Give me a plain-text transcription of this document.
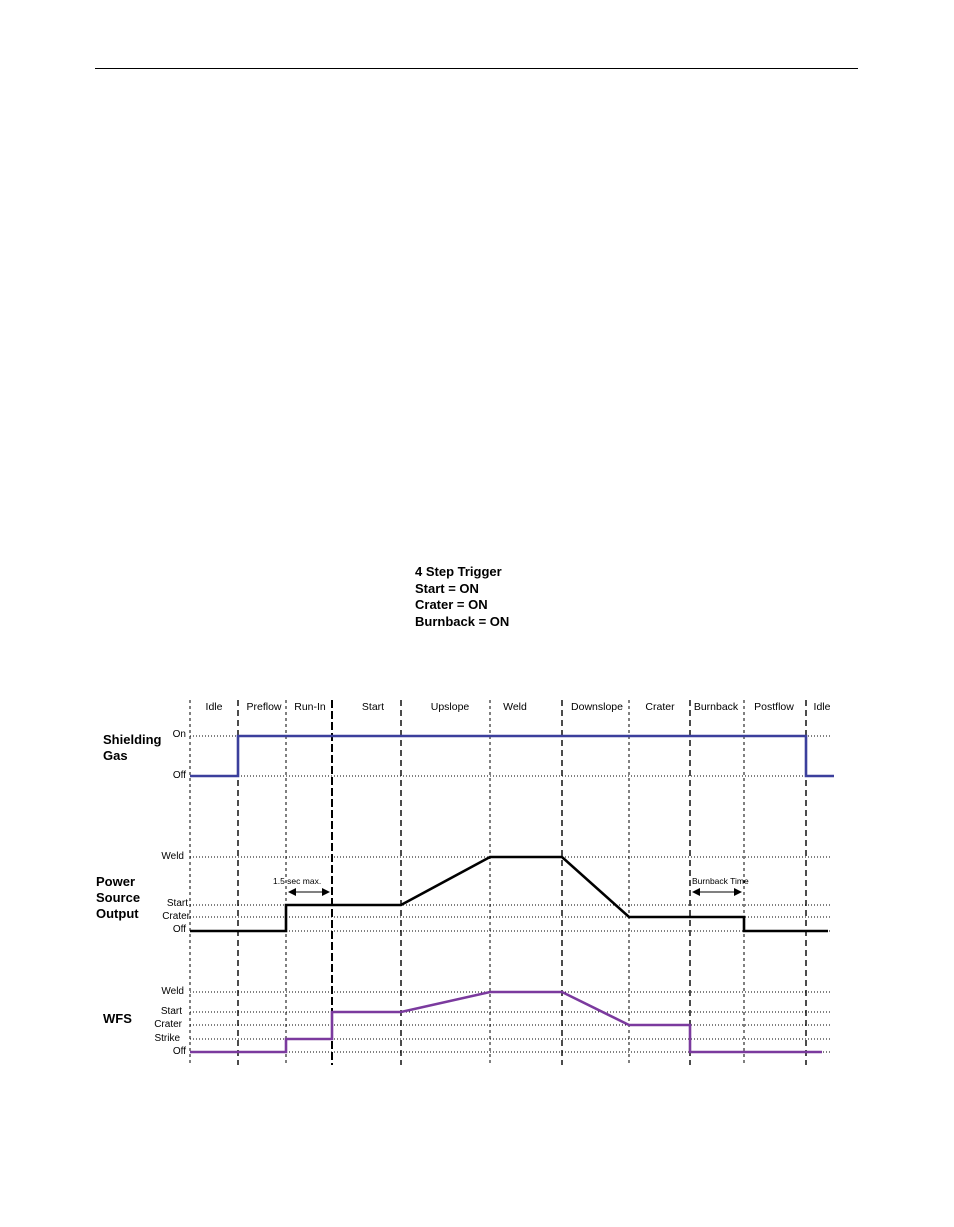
4 Step Trigger
Start = ON
Crater = ON
Burnback = ON
Idle Preflow Run-In	Start	Upslope	Weld	Downslope Crater Burnback Postflow Idle
Shielding
Gas
On
Off
Power
Source
Output
Weld
Start
Crater
Off
1.5 sec max.	Burnback Time
WFS
Weld
Start
Crater
Strike
Off
